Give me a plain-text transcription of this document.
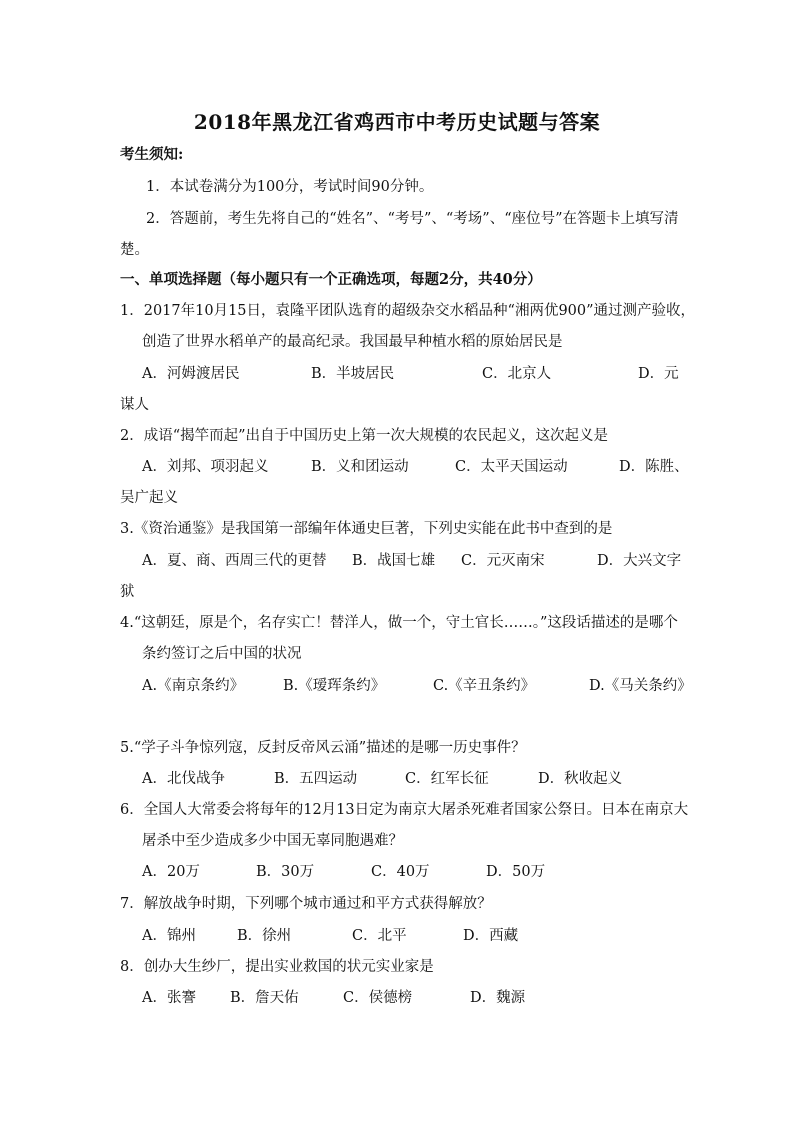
2018年黑龙江省鸡西市中考历史试题与答案
考生须知:
1．本试卷满分为100分，考试时间90分钟。
2．答题前，考生先将自己的“姓名”、“考号”、“考场”、“座位号”在答题卡上填写清
楚。
一、单项选择题（每小题只有一个正确选项，每题2分，共40分）
1．2017年10月15日，袁隆平团队选育的超级杂交水稻品种“湘两优900”通过测产验收，
创造了世界水稻单产的最高纪录。我国最早种植水稻的原始居民是
A．河姆渡居民	B．半坡居民	C．北京人	D．元
谋人
2．成语“揭竿而起”出自于中国历史上第一次大规模的农民起义，这次起义是
A．刘邦、项羽起义	B．义和团运动	C．太平天国运动	D．陈胜、
吴广起义
3.《资治通鉴》是我国第一部编年体通史巨著，下列史实能在此书中查到的是
A．夏、商、西周三代的更替 B．战国七雄 C．元灭南宋	D．大兴文字
狱
4.“这朝廷，原是个，名存实亡！替洋人，做一个，守土官长……。”这段话描述的是哪个
条约签订之后中国的状况
A.《南京条约》	B.《瑷珲条约》	C.《辛丑条约》	D.《马关条约》
5.“学子斗争惊列寇，反封反帝风云涌”描述的是哪一历史事件？
A．北伐战争	B．五四运动	C．红军长征	D．秋收起义
6．全国人大常委会将每年的12月13日定为南京大屠杀死难者国家公祭日。日本在南京大
屠杀中至少造成多少中国无辜同胞遇难？
A．20万	B．30万	C．40万	D．50万
7．解放战争时期，下列哪个城市通过和平方式获得解放？
A．锦州	B．徐州	C．北平	D．西藏
8．创办大生纱厂，提出实业救国的状元实业家是
A．张謇 B．詹天佑	C．侯德榜	D．魏源
